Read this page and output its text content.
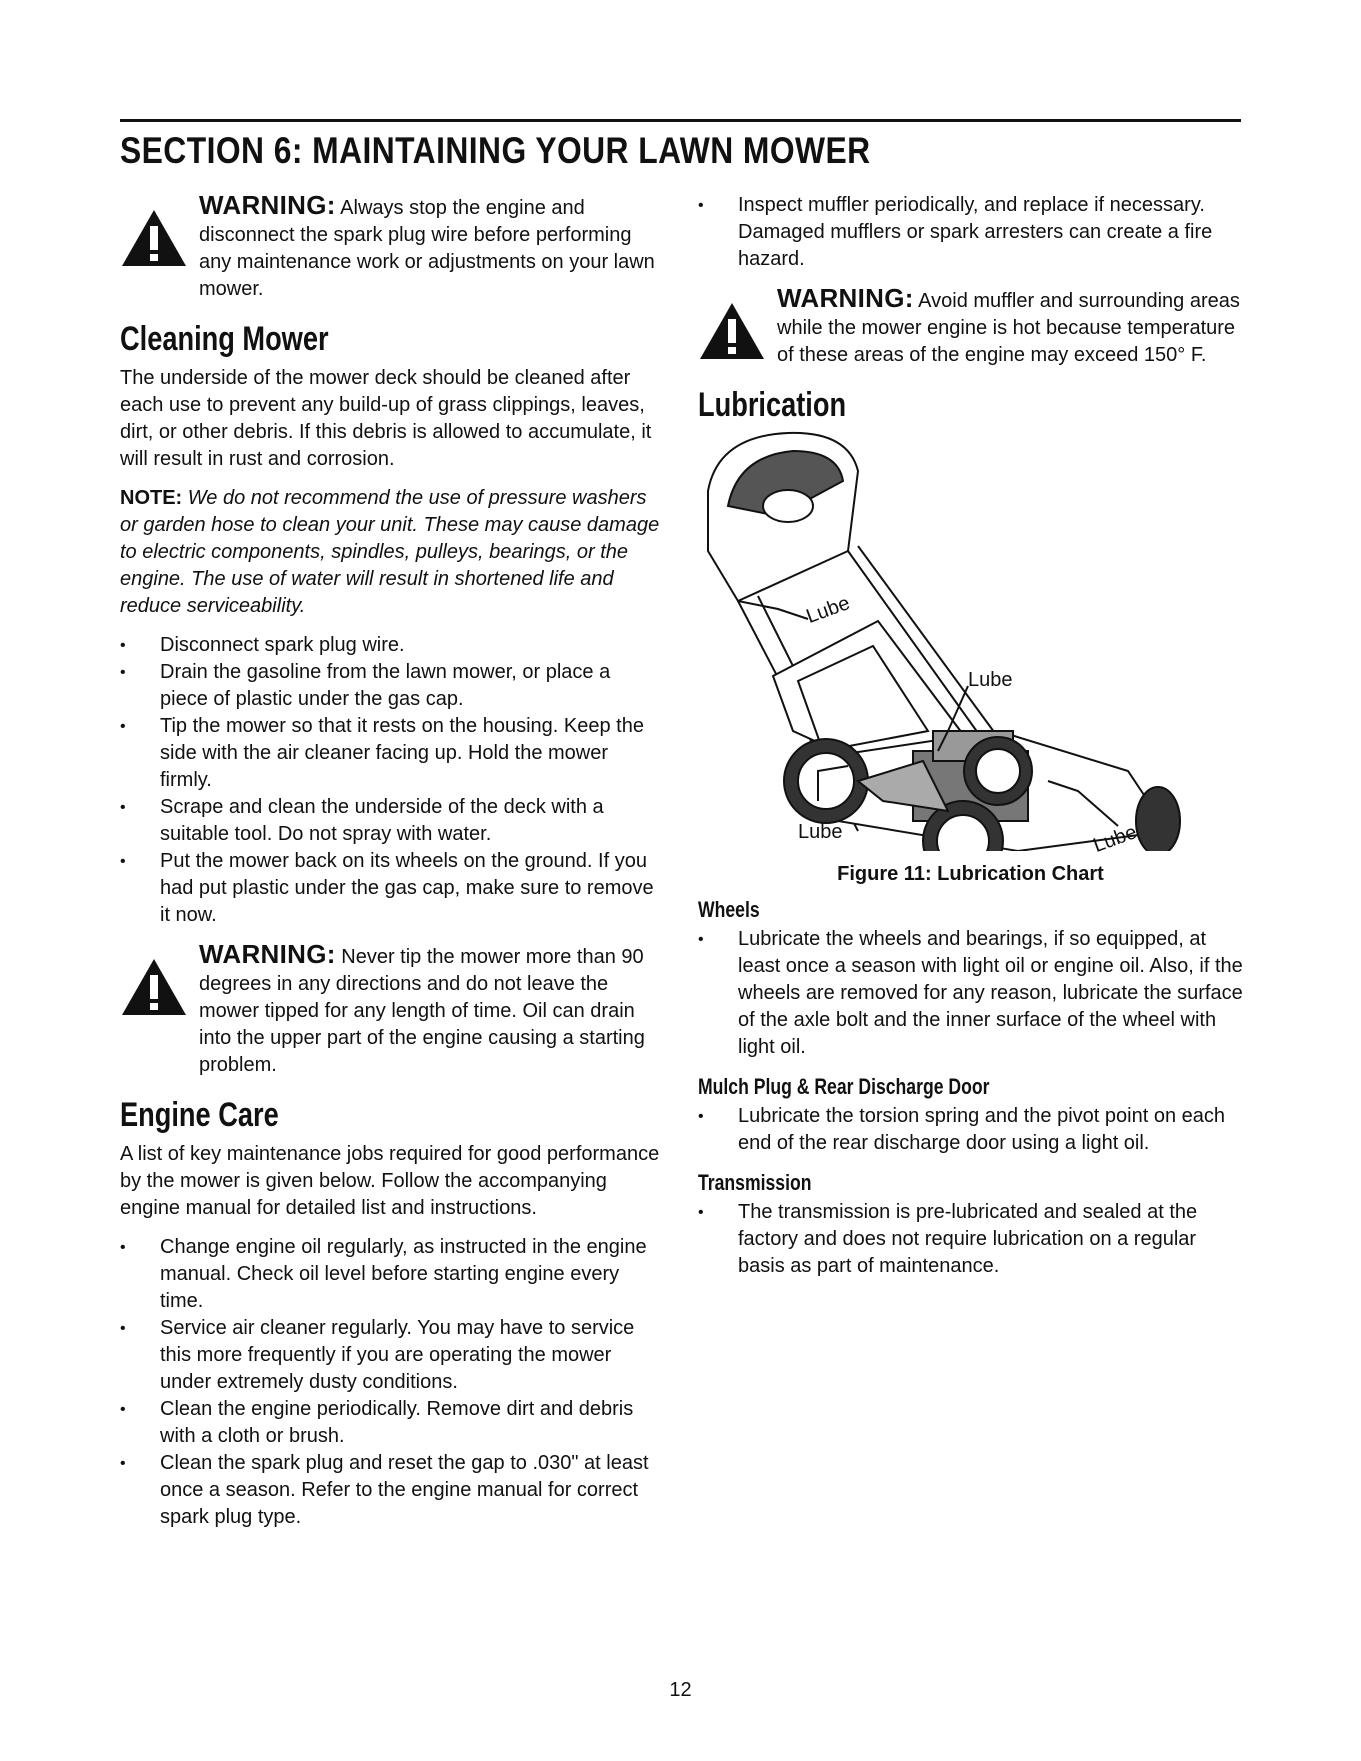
SECTION 6: MAINTAINING YOUR LAWN MOWER
WARNING: Always stop the engine and disconnect the spark plug wire before performing any maintenance work or adjustments on your lawn mower.
Cleaning Mower

The underside of the mower deck should be cleaned after each use to prevent any build-up of grass clippings, leaves, dirt, or other debris. If this debris is allowed to accumulate, it will result in rust and corrosion.

NOTE: We do not recommend the use of pressure washers or garden hose to clean your unit. These may cause damage to electric components, spindles, pulleys, bearings, or the engine. The use of water will result in shortened life and reduce serviceability.

• Disconnect spark plug wire.
• Drain the gasoline from the lawn mower, or place a piece of plastic under the gas cap.
• Tip the mower so that it rests on the housing. Keep the side with the air cleaner facing up. Hold the mower firmly.
• Scrape and clean the underside of the deck with a suitable tool. Do not spray with water.
• Put the mower back on its wheels on the ground. If you had put plastic under the gas cap, make sure to remove it now.
WARNING: Never tip the mower more than 90 degrees in any directions and do not leave the mower tipped for any length of time. Oil can drain into the upper part of the engine causing a starting problem.
Engine Care

A list of key maintenance jobs required for good performance by the mower is given below. Follow the accompanying engine manual for detailed list and instructions.

• Change engine oil regularly, as instructed in the engine manual. Check oil level before starting engine every time.
• Service air cleaner regularly. You may have to service this more frequently if you are operating the mower under extremely dusty conditions.
• Clean the engine periodically. Remove dirt and debris with a cloth or brush.
• Clean the spark plug and reset the gap to .030" at least once a season. Refer to the engine manual for correct spark plug type.
• Inspect muffler periodically, and replace if necessary. Damaged mufflers or spark arresters can create a fire hazard.
WARNING: Avoid muffler and surrounding areas while the mower engine is hot because temperature of these areas of the engine may exceed 150° F.
Lubrication
Lube
Lube
Lube	Lube
Figure 11: Lubrication Chart
Wheels
• Lubricate the wheels and bearings, if so equipped, at least once a season with light oil or engine oil. Also, if the wheels are removed for any reason, lubricate the surface of the axle bolt and the inner surface of the wheel with light oil.
Mulch Plug & Rear Discharge Door
• Lubricate the torsion spring and the pivot point on each end of the rear discharge door using a light oil.
Transmission
• The transmission is pre-lubricated and sealed at the factory and does not require lubrication on a regular basis as part of maintenance.
12
